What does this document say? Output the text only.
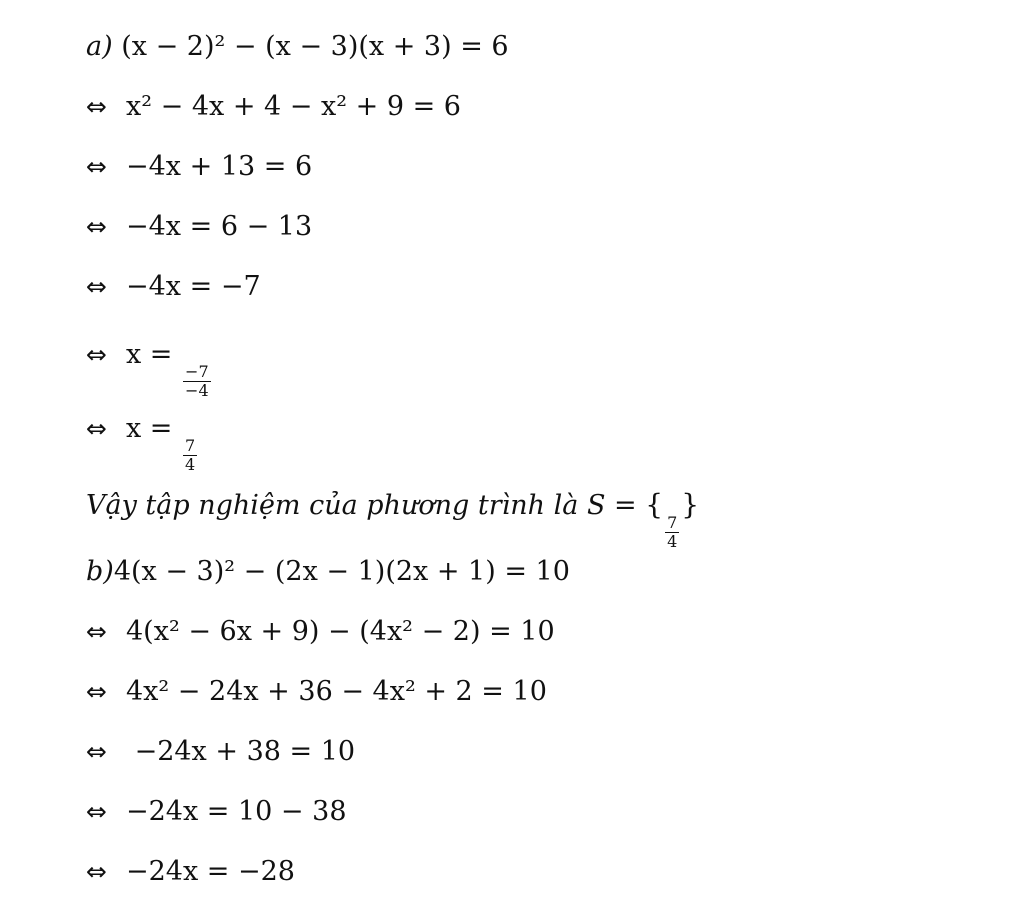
a) (x − 2)² − (x − 3)(x + 3) = 6
⇔ x² − 4x + 4 − x² + 9 = 6
⇔ −4x + 13 = 6
⇔ −4x = 6 − 13
⇔ −4x = −7
⇔ x =
$\frac{-7}{-4}$
⇔ x =
$\frac{7}{4}$
Vậy tập nghiệm của phương trình là S = {
$\frac{7}{4}$
}
b)4(x − 3)² − (2x − 1)(2x + 1) = 10
⇔ 4(x² − 6x + 9) − (4x² − 2) = 10
⇔ 4x² − 24x + 36 − 4x² + 2 = 10
⇔ −24x + 38 = 10
⇔ −24x = 10 − 38
⇔ −24x = −28
